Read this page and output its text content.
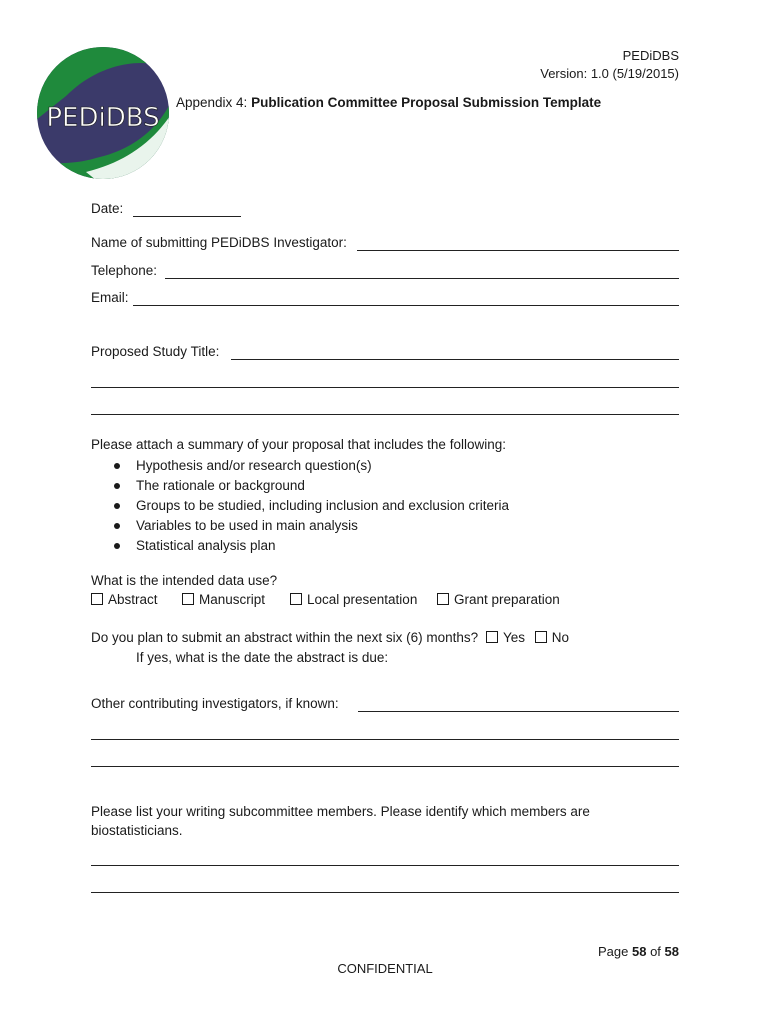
PEDiDBS
PEDiDBS
Version: 1.0 (5/19/2015)
Appendix 4: Publication Committee Proposal Submission Template
Date:
Name of submitting PEDiDBS Investigator:
Telephone:
Email:
Proposed Study Title:
Please attach a summary of your proposal that includes the following:
Hypothesis and/or research question(s)
The rationale or background
Groups to be studied, including inclusion and exclusion criteria
Variables to be used in main analysis
Statistical analysis plan
What is the intended data use?
Abstract	Manuscript	Local presentation	Grant preparation
Do you plan to submit an abstract within the next six (6) months? Yes No
If yes, what is the date the abstract is due:
Other contributing investigators, if known:
Please list your writing subcommittee members. Please identify which members are
biostatisticians.
Page 58 of 58
CONFIDENTIAL
